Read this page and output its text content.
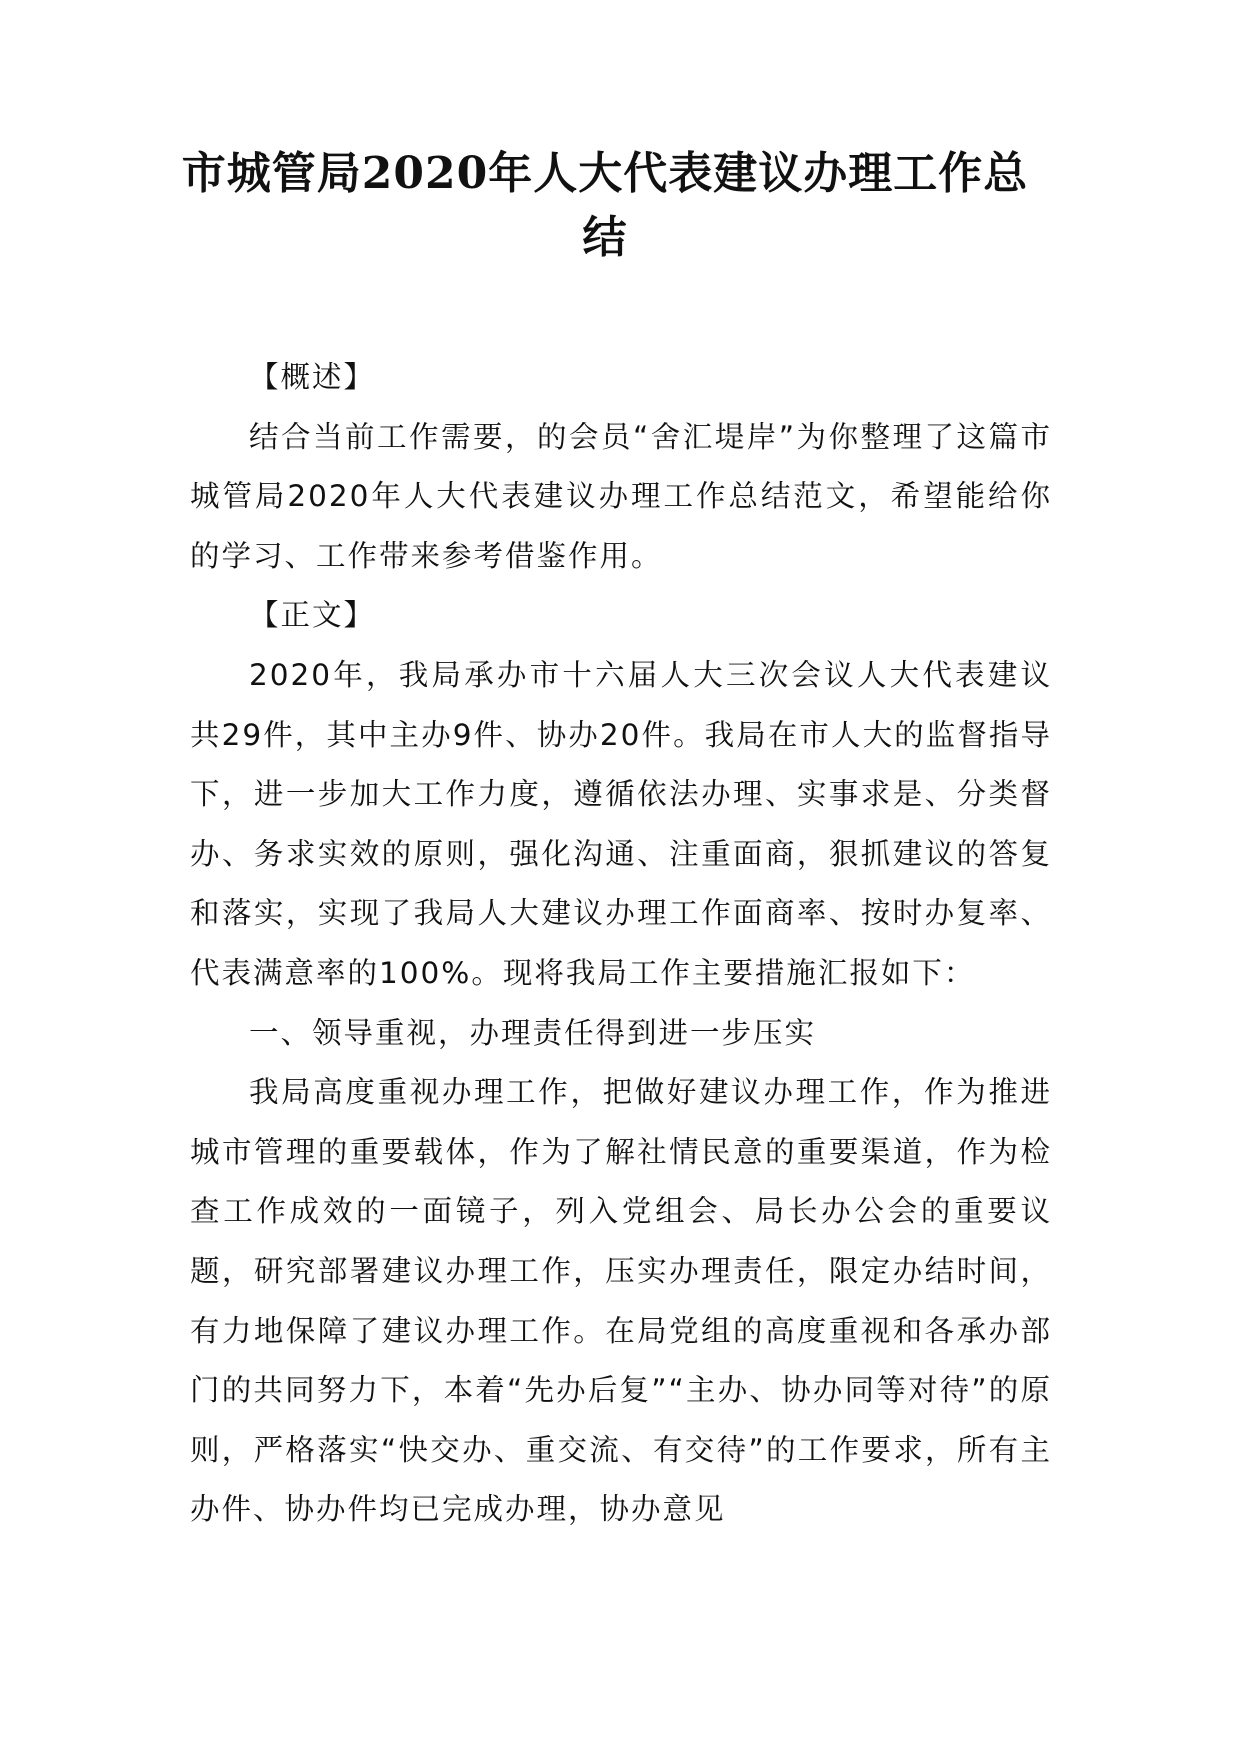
市城管局2020年人大代表建议办理工作总
结

【概述】

结合当前工作需要，的会员“舍汇堤岸”为你整理了这篇市城管局2020年人大代表建议办理工作总结范文，希望能给你的学习、工作带来参考借鉴作用。

【正文】

2020年，我局承办市十六届人大三次会议人大代表建议共29件，其中主办9件、协办20件。我局在市人大的监督指导下，进一步加大工作力度，遵循依法办理、实事求是、分类督办、务求实效的原则，强化沟通、注重面商，狠抓建议的答复和落实，实现了我局人大建议办理工作面商率、按时办复率、代表满意率的100%。现将我局工作主要措施汇报如下：

一、领导重视，办理责任得到进一步压实

我局高度重视办理工作，把做好建议办理工作，作为推进城市管理的重要载体，作为了解社情民意的重要渠道，作为检查工作成效的一面镜子，列入党组会、局长办公会的重要议题，研究部署建议办理工作，压实办理责任，限定办结时间，有力地保障了建议办理工作。在局党组的高度重视和各承办部门的共同努力下，本着“先办后复”“主办、协办同等对待”的原则，严格落实“快交办、重交流、有交待”的工作要求，所有主办件、协办件均已完成办理，协办意见
